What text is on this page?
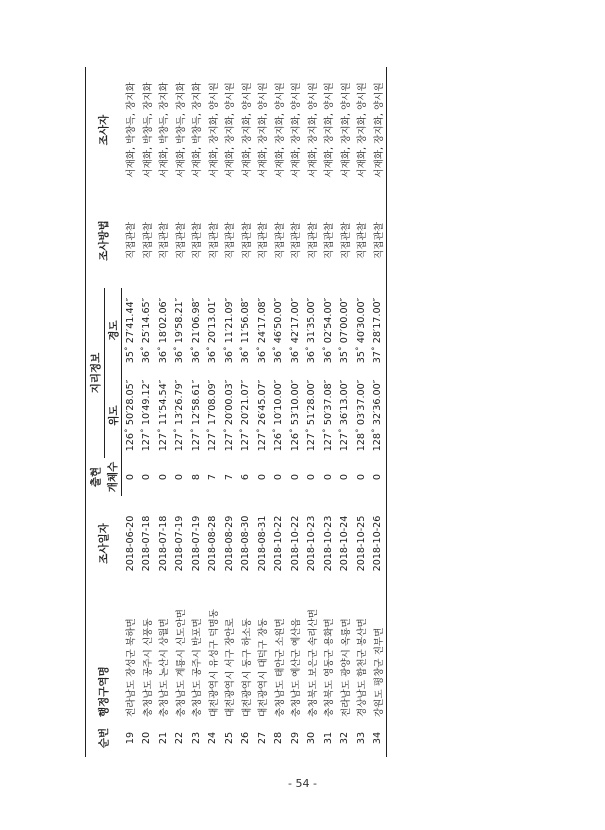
순번	행정구역명	조사일자	출현	지리정보		조사방법	조사자
			개체수	위도	경도		
19	전라남도 장성군 북하면	2018-06-20	0	126˚ 50′28.05″	35˚ 27′41.44″	직접관찰	서재화, 박창득, 장지화
20	충청남도 공주시 신풍동	2018-07-18	0	127˚ 10′49.12″	36˚ 25′14.65″	직접관찰	서재화, 박창득, 장지화
21	충청남도 논산시 상월면	2018-07-18	0	127˚ 11′54.54″	36˚ 18′02.06″	직접관찰	서재화, 박창득, 장지화
22	충청남도 계룡시 신도안면	2018-07-19	0	127˚ 13′26.79″	36˚ 19′58.21″	직접관찰	서재화, 박창득, 장지화
23	충청남도 공주시 반포면	2018-07-19	8	127˚ 12′58.61″	36˚ 21′06.98″	직접관찰	서재화, 박창득, 장지화
24	대전광역시 유성구 덕명동	2018-08-28	7	127˚ 17′08.09″	36˚ 20′13.01″	직접관찰	서재화, 장지화, 양시원
25	대전광역시 서구 장안로	2018-08-29	7	127˚ 20′00.03″	36˚ 11′21.09″	직접관찰	서재화, 장지화, 양시원
26	대전광역시 동구 하소동	2018-08-30	6	127˚ 20′21.07″	36˚ 11′56.08″	직접관찰	서재화, 장지화, 양시원
27	대전광역시 대덕구 장동	2018-08-31	0	127˚ 26′45.07″	36˚ 24′17.08″	직접관찰	서재화, 장지화, 양시원
28	충청남도 태안군 소원면	2018-10-22	0	126˚ 10′10.00″	36˚ 46′50.00″	직접관찰	서재화, 장지화, 양시원
29	충청남도 예산군 예산읍	2018-10-22	0	126˚ 53′10.00″	36˚ 42′17.00″	직접관찰	서재화, 장지화, 양시원
30	충청북도 보은군 속리산면	2018-10-23	0	127˚ 51′28.00″	36˚ 31′35.00″	직접관찰	서재화, 장지화, 양시원
31	충청북도 영동군 용화면	2018-10-23	0	127˚ 50′37.08″	36˚ 02′54.00″	직접관찰	서재화, 장지화, 양시원
32	전라남도 광양시 옥룡면	2018-10-24	0	127˚ 36′13.00″	35˚ 07′00.00″	직접관찰	서재화, 장지화, 양시원
33	경상남도 합천군 봉산면	2018-10-25	0	128˚ 03′37.00″	35˚ 40′30.00″	직접관찰	서재화, 장지화, 양시원
34	강원도 평창군 진부면	2018-10-26	0	128˚ 32′36.00″	37˚ 28′17.00″	직접관찰	서재화, 장지화, 양시원
- 54 -
